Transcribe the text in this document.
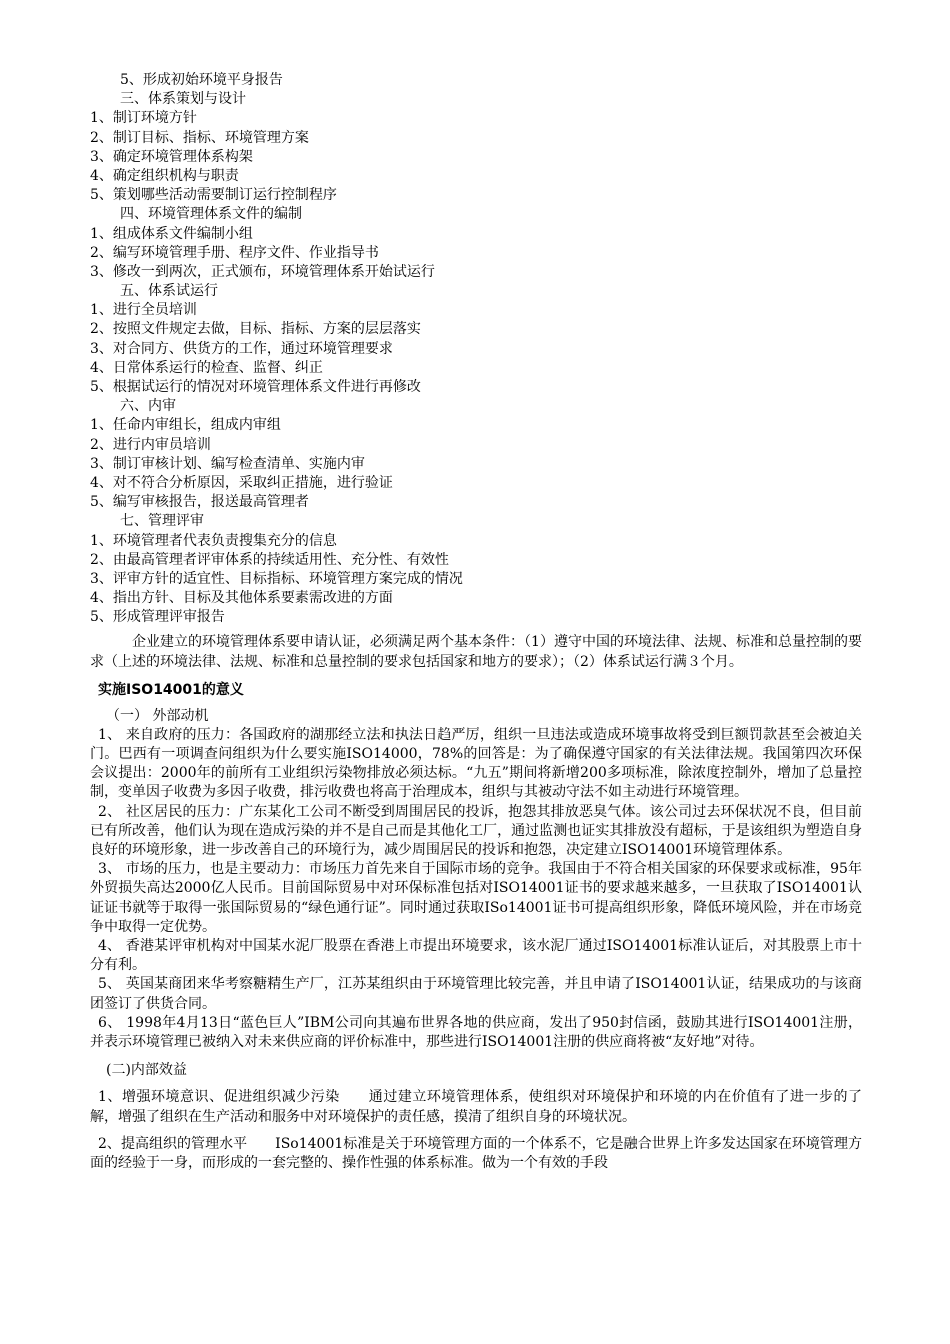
5、形成初始环境平身报告
三、体系策划与设计
1、制订环境方针
2、制订目标、指标、环境管理方案
3、确定环境管理体系构架
4、确定组织机构与职责
5、策划哪些活动需要制订运行控制程序
四、环境管理体系文件的编制
1、组成体系文件编制小组
2、编写环境管理手册、程序文件、作业指导书
3、修改一到两次，正式颁布，环境管理体系开始试运行
五、体系试运行
1、进行全员培训
2、按照文件规定去做，目标、指标、方案的层层落实
3、对合同方、供货方的工作，通过环境管理要求
4、日常体系运行的检查、监督、纠正
5、根据试运行的情况对环境管理体系文件进行再修改
六、内审
1、任命内审组长，组成内审组
2、进行内审员培训
3、制订审核计划、编写检查清单、实施内审
4、对不符合分析原因，采取纠正措施，进行验证
5、编写审核报告，报送最高管理者
七、管理评审
1、环境管理者代表负责搜集充分的信息
2、由最高管理者评审体系的持续适用性、充分性、有效性
3、评审方针的适宜性、目标指标、环境管理方案完成的情况
4、指出方针、目标及其他体系要素需改进的方面
5、形成管理评审报告

企业建立的环境管理体系要申请认证，必须满足两个基本条件：（1）遵守中国的环境法律、法规、标准和总量控制的要求（上述的环境法律、法规、标准和总量控制的要求包括国家和地方的要求）；（2）体系试运行满３个月。

实施ISO14001的意义
（一） 外部动机

1、 来自政府的压力：各国政府的湖那经立法和执法日趋严厉，组织一旦违法或造成环境事故将受到巨额罚款甚至会被迫关门。巴西有一项调查问组织为什么要实施ISO14000，78%的回答是：为了确保遵守国家的有关法律法规。我国第四次环保会议提出：2000年的前所有工业组织污染物排放必须达标。“九五”期间将新增200多项标准，除浓度控制外，增加了总量控制，变单因子收费为多因子收费，排污收费也将高于治理成本，组织与其被动守法不如主动进行环境管理。

2、 社区居民的压力：广东某化工公司不断受到周围居民的投诉，抱怨其排放恶臭气体。该公司过去环保状况不良，但目前已有所改善，他们认为现在造成污染的并不是自己而是其他化工厂，通过监测也证实其排放没有超标，于是该组织为塑造自身良好的环境形象，进一步改善自己的环境行为，减少周围居民的投诉和抱怨，决定建立ISO14001环境管理体系。

3、 市场的压力，也是主要动力：市场压力首先来自于国际市场的竞争。我国由于不符合相关国家的环保要求或标准，95年外贸损失高达2000亿人民币。目前国际贸易中对环保标准包括对ISO14001证书的要求越来越多，一旦获取了ISO14001认证证书就等于取得一张国际贸易的“绿色通行证”。同时通过获取ISo14001证书可提高组织形象，降低环境风险，并在市场竞争中取得一定优势。

4、 香港某评审机构对中国某水泥厂股票在香港上市提出环境要求，该水泥厂通过ISO14001标准认证后，对其股票上市十分有利。

5、 英国某商团来华考察糖精生产厂，江苏某组织由于环境管理比较完善，并且申请了ISO14001认证，结果成功的与该商团签订了供货合同。

6、 1998年4月13日“蓝色巨人”IBM公司向其遍布世界各地的供应商，发出了950封信函，鼓励其进行ISO14001注册，并表示环境管理已被纳入对未来供应商的评价标准中，那些进行ISO14001注册的供应商将被“友好地”对待。

(二)内部效益

1、增强环境意识、促进组织减少污染　　通过建立环境管理体系，使组织对环境保护和环境的内在价值有了进一步的了解，增强了组织在生产活动和服务中对环境保护的责任感，摸清了组织自身的环境状况。

2、提高组织的管理水平　　ISo14001标准是关于环境管理方面的一个体系不，它是融合世界上许多发达国家在环境管理方面的经验于一身，而形成的一套完整的、操作性强的体系标准。做为一个有效的手段
